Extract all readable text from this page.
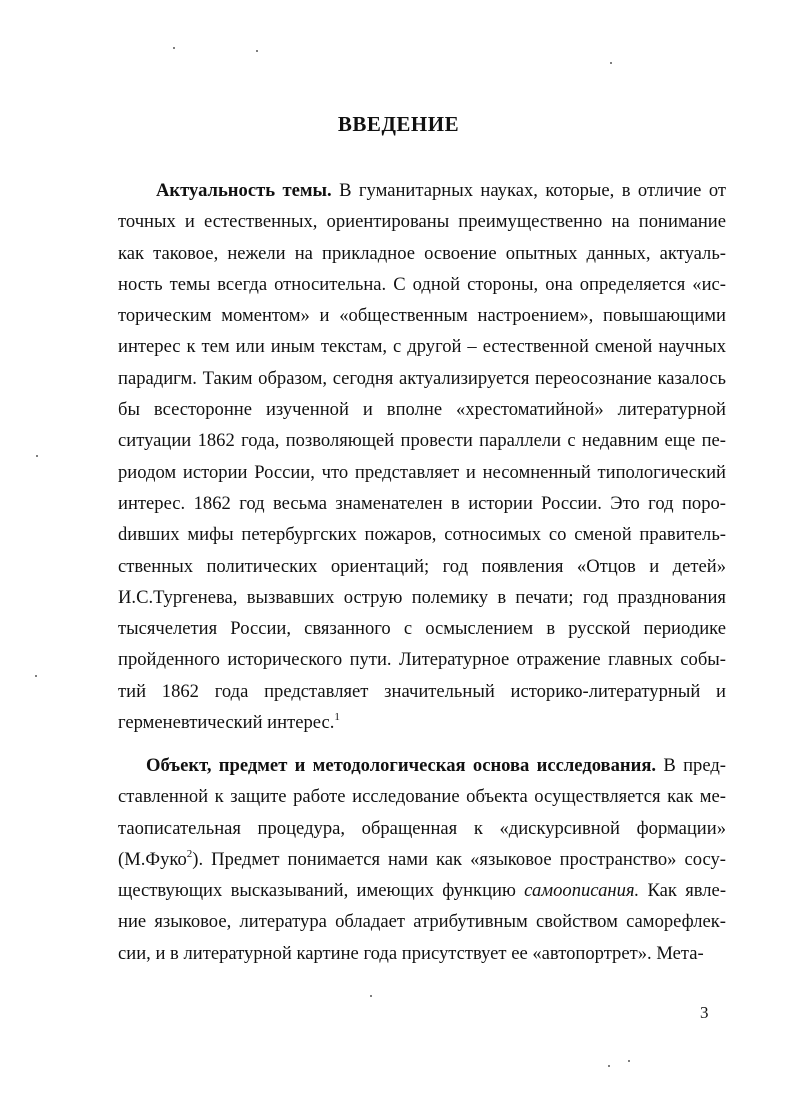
ВВЕДЕНИЕ

Актуальность темы. В гуманитарных науках, которые, в отличие от точных и естественных, ориентированы преимущественно на понимание как таковое, нежели на прикладное освоение опытных данных, актуальность темы всегда относительна. С одной стороны, она определяется «историческим моментом» и «общественным настроением», повышающими интерес к тем или иным текстам, с другой – естественной сменой научных парадигм. Таким образом, сегодня актуализируется переосознание казалось бы всесторонне изученной и вполне «хрестоматийной» литературной ситуации 1862 года, позволяющей провести параллели с недавним еще периодом истории России, что представляет и несомненный типологический интерес. 1862 год весьма знаменателен в истории России. Это год пороdивших мифы петербургских пожаров, сотносимых со сменой правительственных политических ориентаций; год появления «Отцов и детей» И.С.Тургенева, вызвавших острую полемику в печати; год празднования тысячелетия России, связанного с осмыслением в русской периодике пройденного исторического пути. Литературное отражение главных событий 1862 года представляет значительный историко-литературный и герменевтический интерес.$^1$

Объект, предмет и методологическая основа исследования. В представленной к защите работе исследование объекта осуществляется как метаописательная процедура, обращенная к «дискурсивной формации» (М.Фуко$^2$). Предмет понимается нами как «языковое пространство» сосуществующих высказываний, имеющих функцию самоописания. Как явление языковое, литература обладает атрибутивным свойством саморефлексии, и в литературной картине года присутствует ее «автопортрет». Мета-

3
